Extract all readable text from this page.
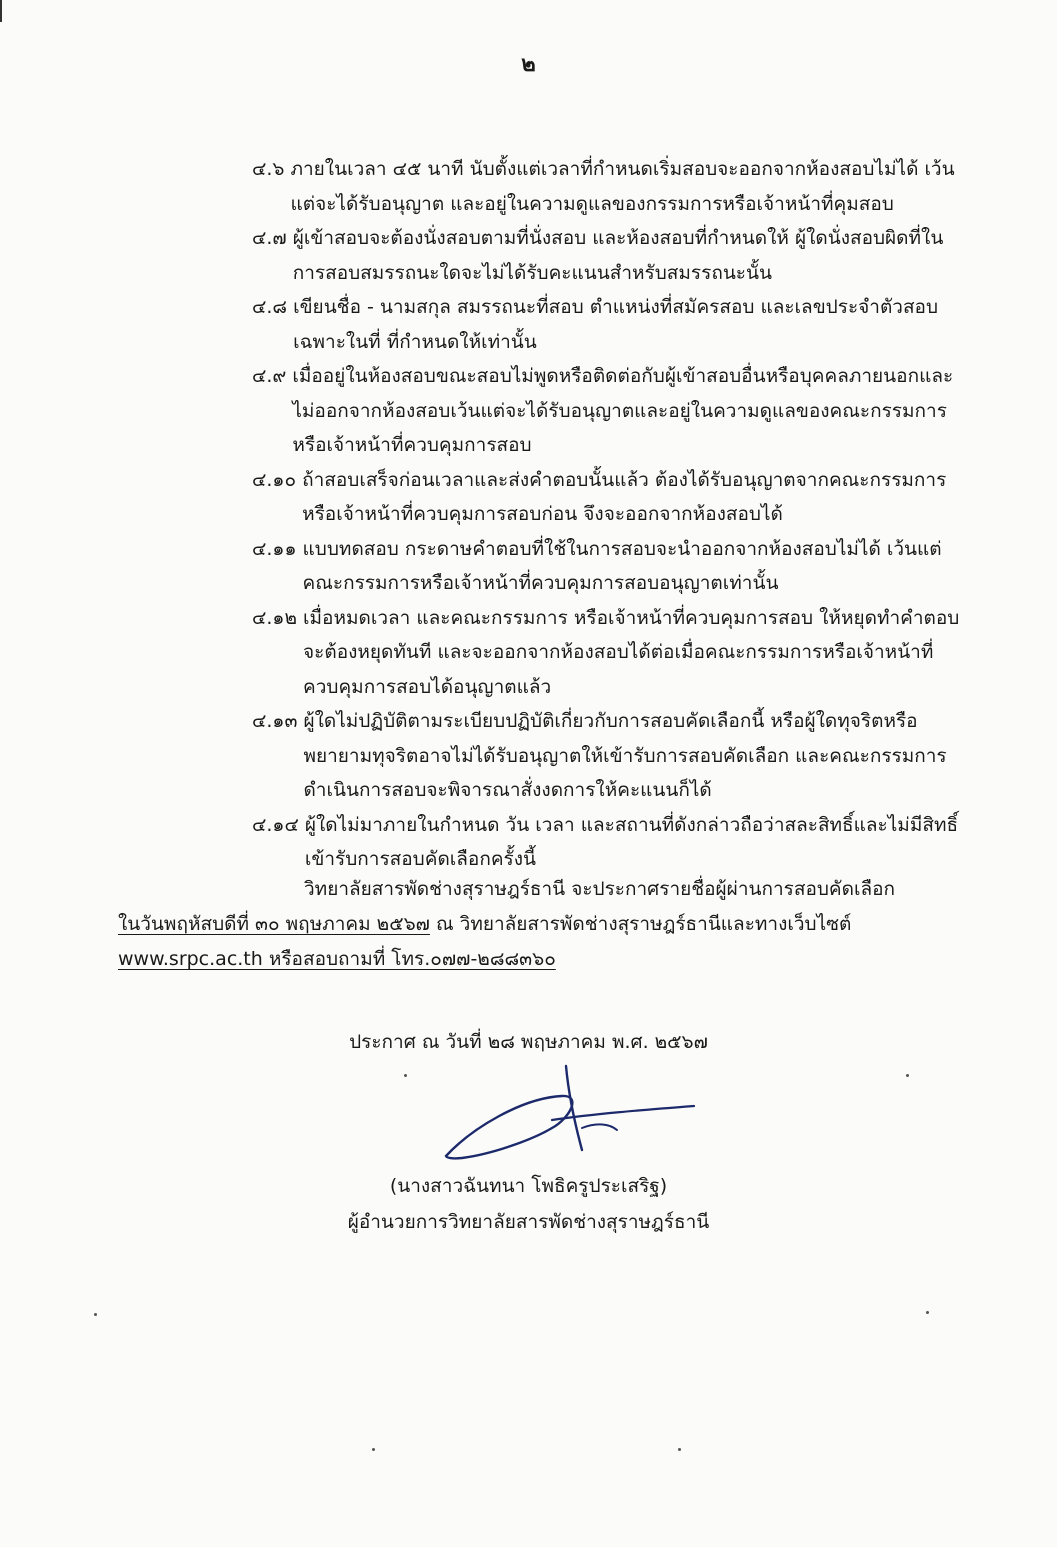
๒
๔.๖ ภายในเวลา ๔๕ นาที นับตั้งแต่เวลาที่กำหนดเริ่มสอบจะออกจากห้องสอบไม่ได้ เว้นแต่จะได้รับอนุญาต และอยู่ในความดูแลของกรรมการหรือเจ้าหน้าที่คุมสอบ
๔.๗ ผู้เข้าสอบจะต้องนั่งสอบตามที่นั่งสอบ และห้องสอบที่กำหนดให้ ผู้ใดนั่งสอบผิดที่ในการสอบสมรรถนะใดจะไม่ได้รับคะแนนสำหรับสมรรถนะนั้น
๔.๘ เขียนชื่อ - นามสกุล สมรรถนะที่สอบ ตำแหน่งที่สมัครสอบ และเลขประจำตัวสอบเฉพาะในที่ ที่กำหนดให้เท่านั้น
๔.๙ เมื่ออยู่ในห้องสอบขณะสอบไม่พูดหรือติดต่อกับผู้เข้าสอบอื่นหรือบุคคลภายนอกและไม่ออกจากห้องสอบเว้นแต่จะได้รับอนุญาตและอยู่ในความดูแลของคณะกรรมการ หรือเจ้าหน้าที่ควบคุมการสอบ
๔.๑๐ ถ้าสอบเสร็จก่อนเวลาและส่งคำตอบนั้นแล้ว ต้องได้รับอนุญาตจากคณะกรรมการหรือเจ้าหน้าที่ควบคุมการสอบก่อน จึงจะออกจากห้องสอบได้
๔.๑๑ แบบทดสอบ กระดาษคำตอบที่ใช้ในการสอบจะนำออกจากห้องสอบไม่ได้ เว้นแต่คณะกรรมการหรือเจ้าหน้าที่ควบคุมการสอบอนุญาตเท่านั้น
๔.๑๒ เมื่อหมดเวลา และคณะกรรมการ หรือเจ้าหน้าที่ควบคุมการสอบ ให้หยุดทำคำตอบจะต้องหยุดทันที และจะออกจากห้องสอบได้ต่อเมื่อคณะกรรมการหรือเจ้าหน้าที่ควบคุมการสอบได้อนุญาตแล้ว
๔.๑๓ ผู้ใดไม่ปฏิบัติตามระเบียบปฏิบัติเกี่ยวกับการสอบคัดเลือกนี้ หรือผู้ใดทุจริตหรือพยายามทุจริตอาจไม่ได้รับอนุญาตให้เข้ารับการสอบคัดเลือก และคณะกรรมการดำเนินการสอบจะพิจารณาสั่งงดการให้คะแนนก็ได้
๔.๑๔ ผู้ใดไม่มาภายในกำหนด วัน เวลา และสถานที่ดังกล่าวถือว่าสละสิทธิ์และไม่มีสิทธิ์เข้ารับการสอบคัดเลือกครั้งนี้
วิทยาลัยสารพัดช่างสุราษฎร์ธานี จะประกาศรายชื่อผู้ผ่านการสอบคัดเลือก
ในวันพฤหัสบดีที่ ๓๐ พฤษภาคม ๒๕๖๗ ณ วิทยาลัยสารพัดช่างสุราษฎร์ธานีและทางเว็บไซต์
www.srpc.ac.th หรือสอบถามที่ โทร.๐๗๗-๒๘๘๓๖๐
ประกาศ ณ วันที่ ๒๘ พฤษภาคม พ.ศ. ๒๕๖๗
(นางสาวฉันทนา โพธิครูประเสริฐ)
ผู้อำนวยการวิทยาลัยสารพัดช่างสุราษฎร์ธานี
